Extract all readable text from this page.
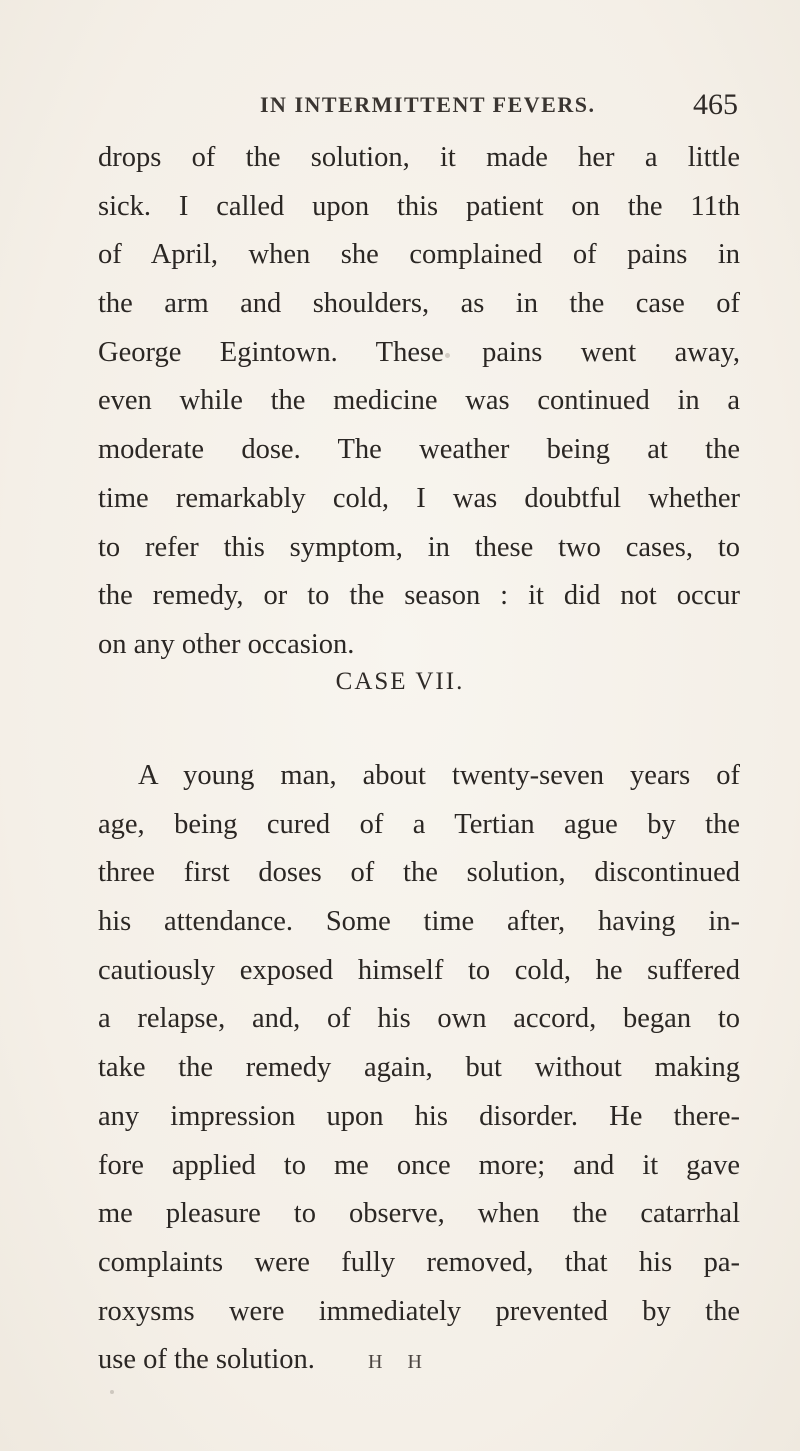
IN INTERMITTENT FEVERS.	465
drops of the solution, it made her a little
sick. I called upon this patient on the 11th
of April, when she complained of pains in
the arm and shoulders, as in the case of
George Egintown. These pains went away,
even while the medicine was continued in a
moderate dose. The weather being at the
time remarkably cold, I was doubtful whether
to refer this symptom, in these two cases, to
the remedy, or to the season : it did not occur
on any other occasion.
CASE VII.
A young man, about twenty-seven years of
age, being cured of a Tertian ague by the
three first doses of the solution, discontinued
his attendance. Some time after, having in-
cautiously exposed himself to cold, he suffered
a relapse, and, of his own accord, began to
take the remedy again, but without making
any impression upon his disorder. He there-
fore applied to me once more; and it gave
me pleasure to observe, when the catarrhal
complaints were fully removed, that his pa-
roxysms were immediately prevented by the
use of the solution.	H H
